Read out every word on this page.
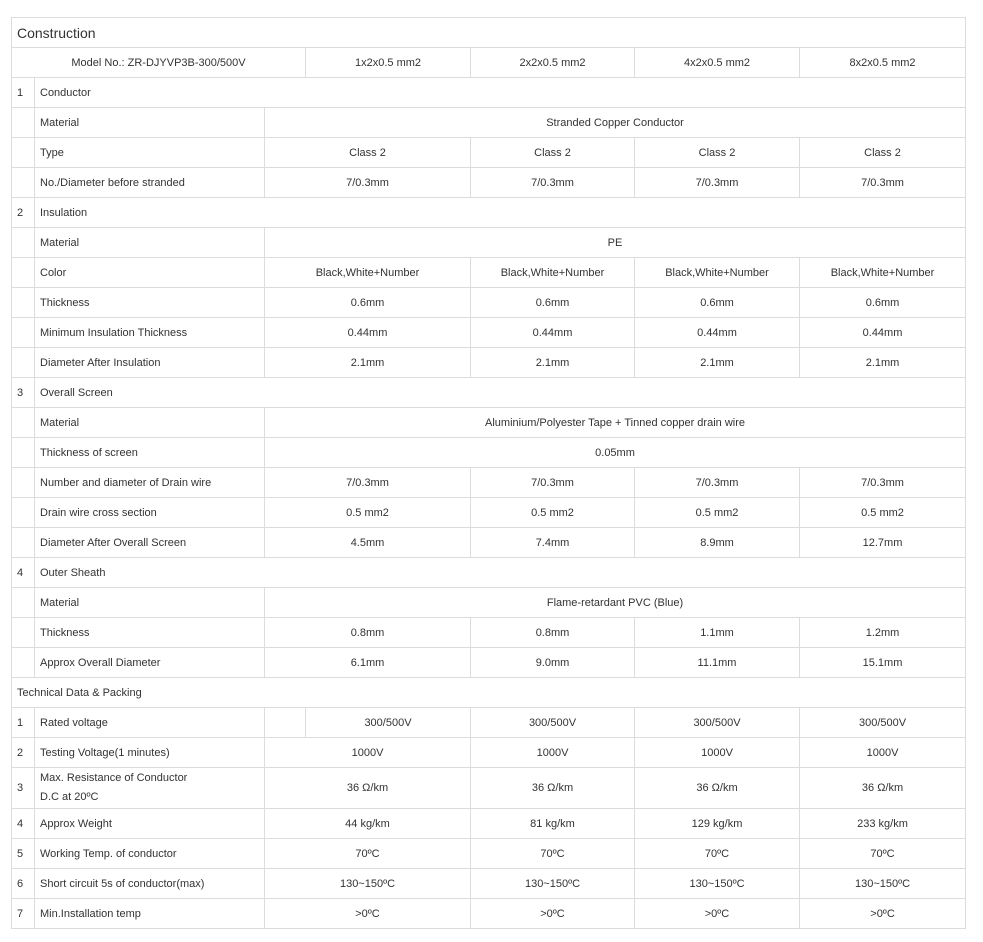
Construction						
Model No.: ZR-DJYVP3B-300/500V			1x2x0.5 mm2	2x2x0.5 mm2	4x2x0.5 mm2	8x2x0.5 mm2
1	Conductor					
	Material	Stranded Copper Conductor				
	Type	Class 2		Class 2	Class 2	Class 2
	No./Diameter before stranded	7/0.3mm		7/0.3mm	7/0.3mm	7/0.3mm
2	Insulation					
	Material	PE				
	Color	Black,White+Number		Black,White+Number	Black,White+Number	Black,White+Number
	Thickness	0.6mm		0.6mm	0.6mm	0.6mm
	Minimum Insulation Thickness	0.44mm		0.44mm	0.44mm	0.44mm
	Diameter After Insulation	2.1mm		2.1mm	2.1mm	2.1mm
3	Overall Screen					
	Material	Aluminium/Polyester Tape + Tinned copper drain wire				
	Thickness of screen	0.05mm				
	Number and diameter of Drain wire	7/0.3mm		7/0.3mm	7/0.3mm	7/0.3mm
	Drain wire cross section	0.5 mm2		0.5 mm2	0.5 mm2	0.5 mm2
	Diameter After Overall Screen	4.5mm		7.4mm	8.9mm	12.7mm
4	Outer Sheath					
	Material	Flame-retardant PVC (Blue)				
	Thickness	0.8mm		0.8mm	1.1mm	1.2mm
	Approx Overall Diameter	6.1mm		9.0mm	11.1mm	15.1mm
Technical Data & Packing						
1	Rated voltage		300/500V	300/500V	300/500V	300/500V
2	Testing Voltage(1 minutes)	1000V		1000V	1000V	1000V
3	Max. Resistance of Conductor
D.C at 20ºC	36 Ω/km		36 Ω/km	36 Ω/km	36 Ω/km
4	Approx Weight	44 kg/km		81 kg/km	129 kg/km	233 kg/km
5	Working Temp. of conductor	70ºC		70ºC	70ºC	70ºC
6	Short circuit 5s of conductor(max)	130~150ºC		130~150ºC	130~150ºC	130~150ºC
7	Min.Installation temp	>0ºC		>0ºC	>0ºC	>0ºC
